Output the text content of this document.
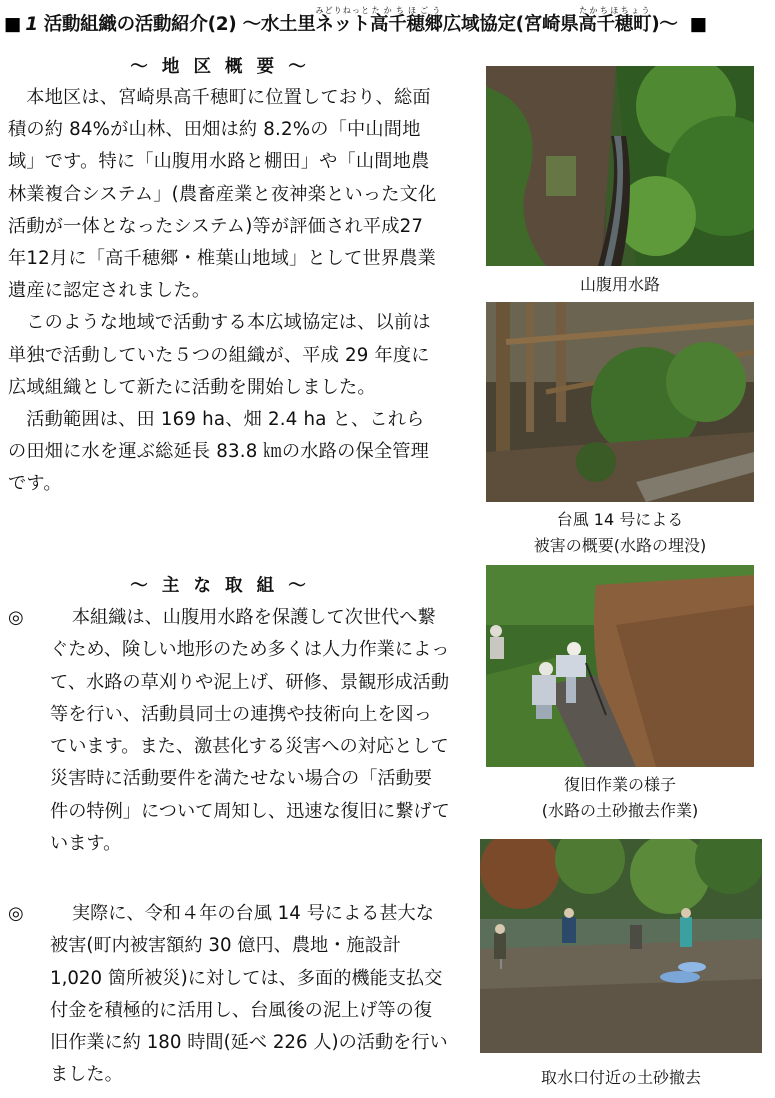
■ 1 活動組織の活動紹介(2) 〜水土里ネットみどりねっと高千穂郷たかちほごう広域協定(宮崎県高千穂町たかちほちょう)〜 ■
〜 地 区 概 要 〜

本地区は、宮崎県高千穂町に位置しており、総面積の約 84%が山林、田畑は約 8.2%の「中山間地域」です。特に「山腹用水路と棚田」や「山間地農林業複合システム」(農畜産業と夜神楽といった文化活動が一体となったシステム)等が評価され平成27年12月に「高千穂郷・椎葉山地域」として世界農業遺産に認定されました。

このような地域で活動する本広域協定は、以前は単独で活動していた５つの組織が、平成 29 年度に広域組織として新たに活動を開始しました。

活動範囲は、田 169 ha、畑 2.4 ha と、これらの田畑に水を運ぶ総延長 83.8 ㎞の水路の保全管理です。

〜 主 な 取 組 〜
◎	本組織は、山腹用水路を保護して次世代へ繋ぐため、険しい地形のため多くは人力作業によって、水路の草刈りや泥上げ、研修、景観形成活動等を行い、活動員同士の連携や技術向上を図っています。また、激甚化する災害への対応として災害時に活動要件を満たせない場合の「活動要件の特例」について周知し、迅速な復旧に繋げています。
◎	実際に、令和４年の台風 14 号による甚大な被害(町内被害額約 30 億円、農地・施設計 1,020 箇所被災)に対しては、多面的機能支払交付金を積極的に活用し、台風後の泥上げ等の復旧作業に約 180 時間(延べ 226 人)の活動を行いました。
山腹用水路
台風 14 号による
被害の概要(水路の埋没)
復旧作業の様子
(水路の土砂撤去作業)
取水口付近の土砂撤去
